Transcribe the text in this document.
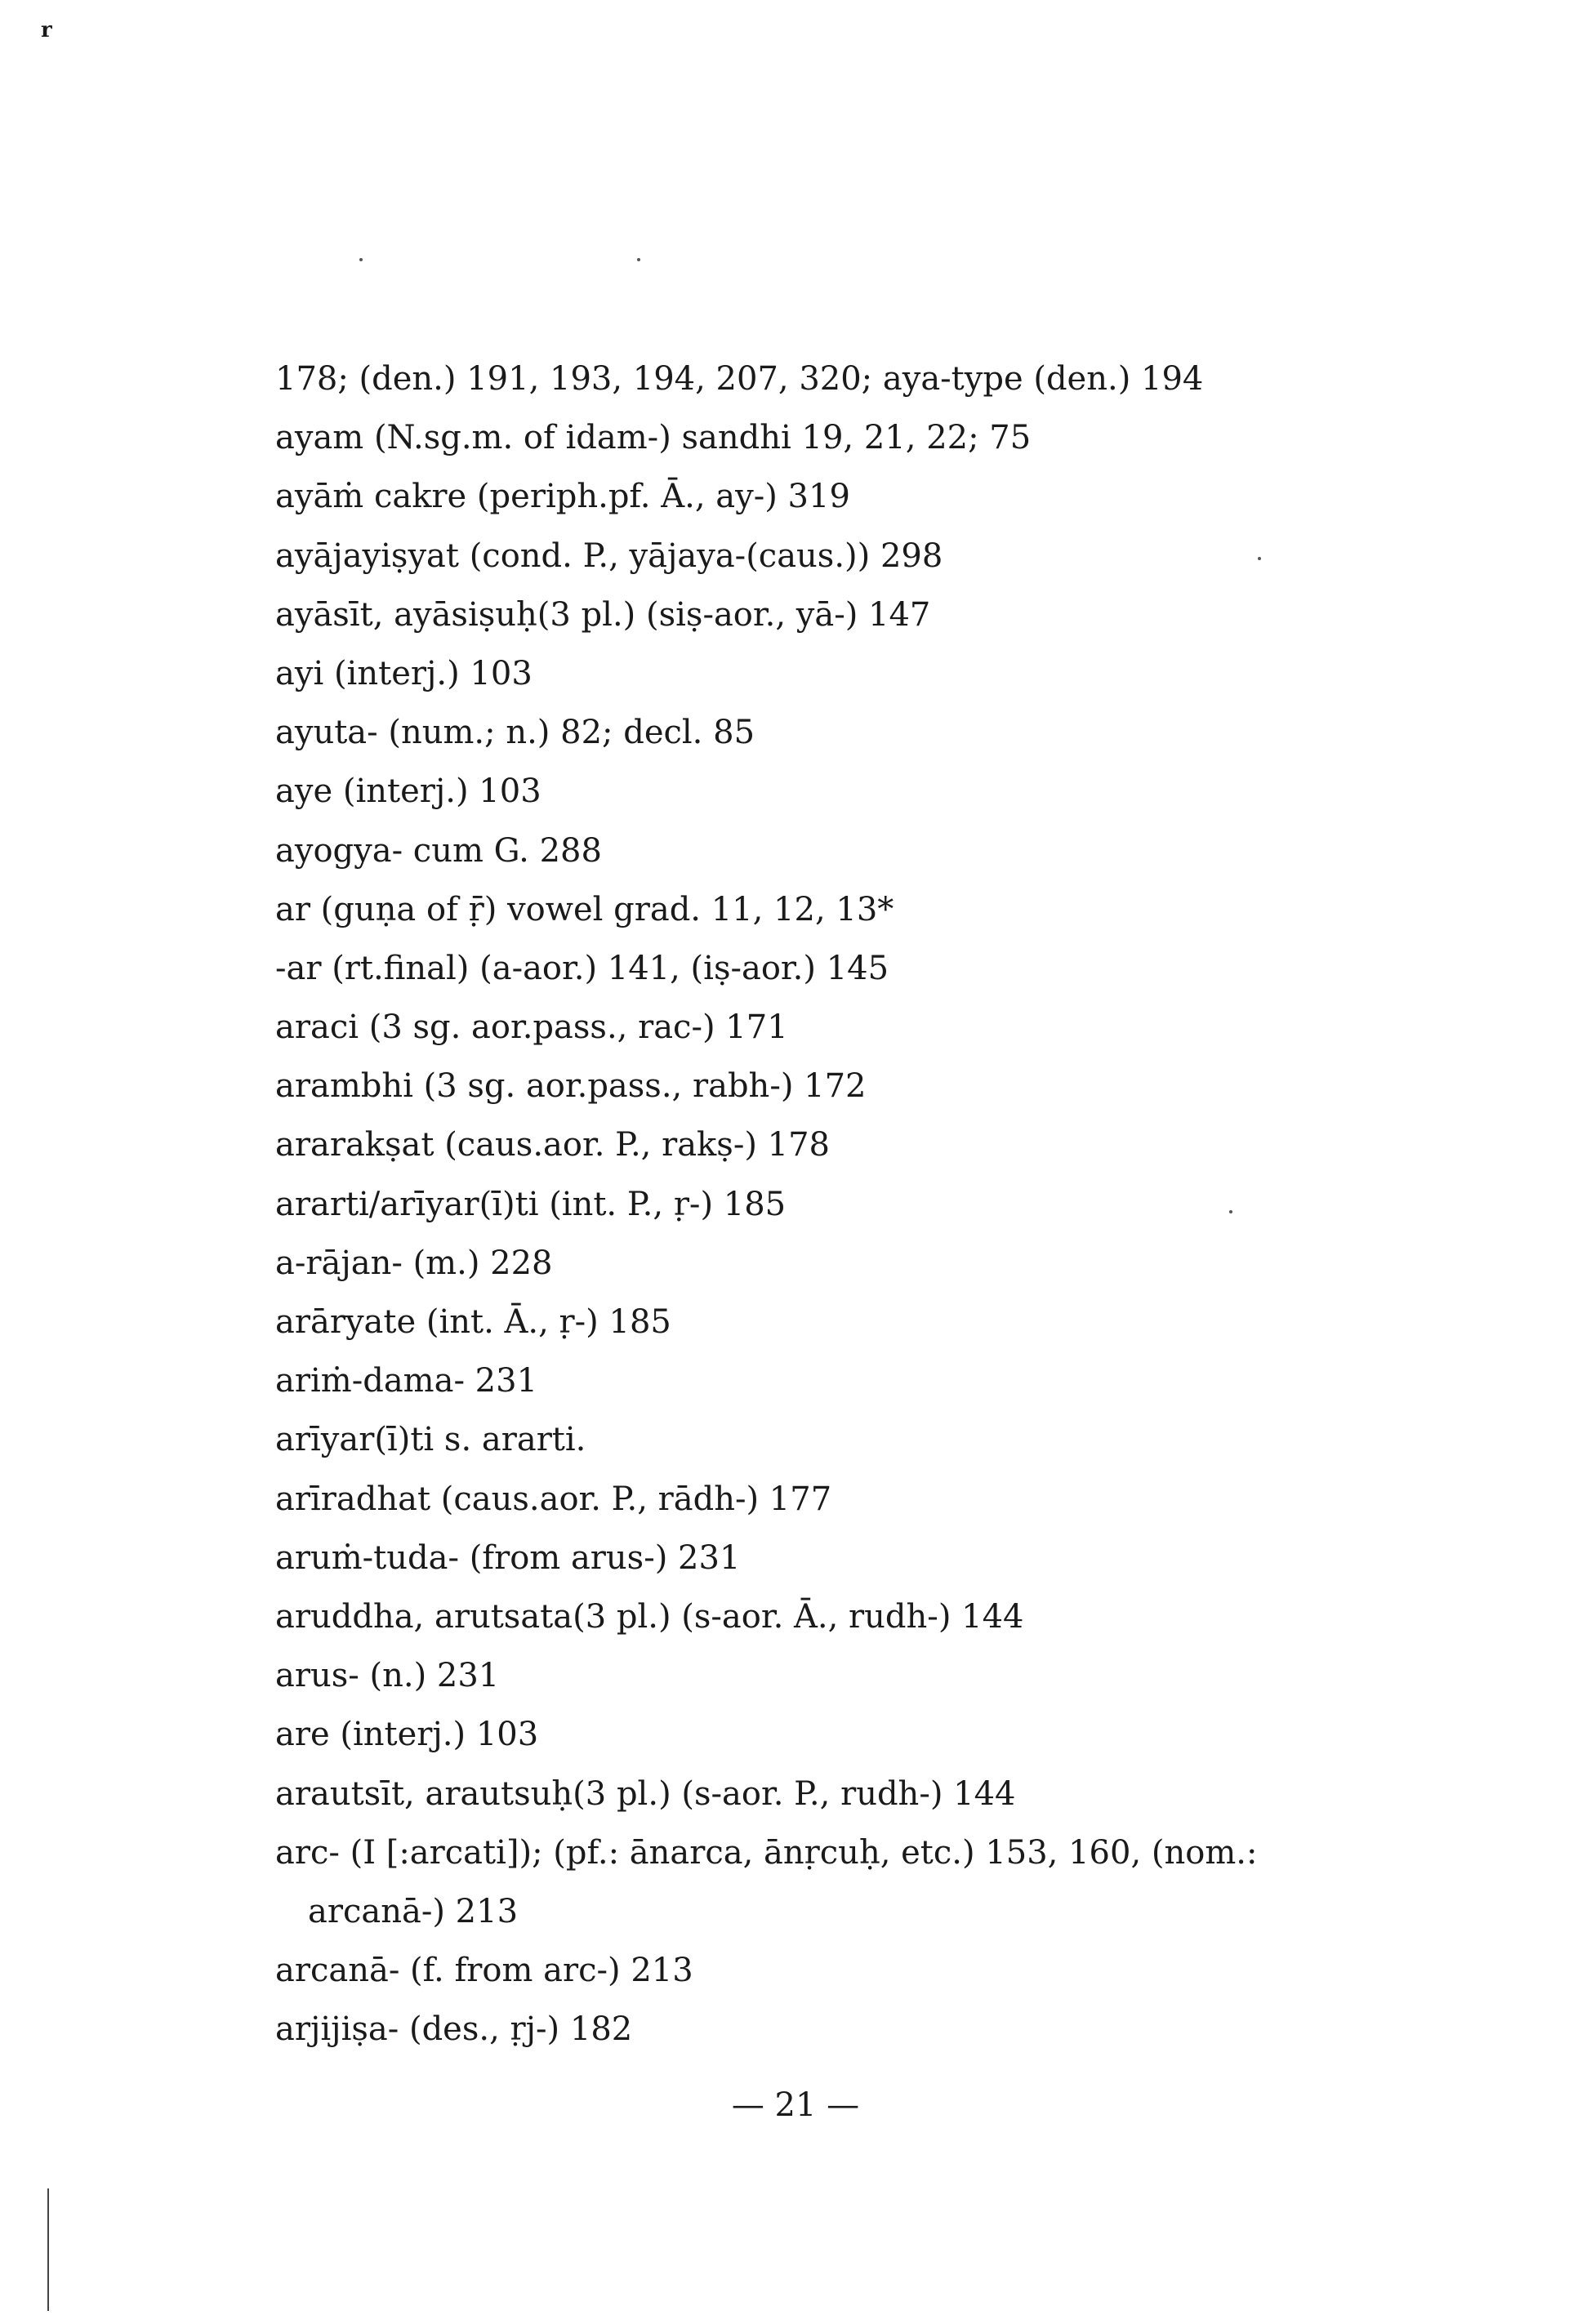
r
178; (den.) 191, 193, 194, 207, 320; aya-type (den.) 194
ayam (N.sg.m. of idam-) sandhi 19, 21, 22; 75
ayāṁ cakre (periph.pf. Ā., ay-) 319
ayājayiṣyat (cond. P., yājaya-(caus.)) 298
ayāsīt, ayāsiṣuḥ(3 pl.) (siṣ-aor., yā-) 147
ayi (interj.) 103
ayuta- (num.; n.) 82; decl. 85
aye (interj.) 103
ayogya- cum G. 288
ar (guṇa of ṝ) vowel grad. 11, 12, 13*
-ar (rt.final) (a-aor.) 141, (iṣ-aor.) 145
araci (3 sg. aor.pass., rac-) 171
arambhi (3 sg. aor.pass., rabh-) 172
ararakṣat (caus.aor. P., rakṣ-) 178
ararti/arīyar(ī)ti (int. P., ṛ-) 185
a-rājan- (m.) 228
arāryate (int. Ā., ṛ-) 185
ariṁ-dama- 231
arīyar(ī)ti s. ararti.
arīradhat (caus.aor. P., rādh-) 177
aruṁ-tuda- (from arus-) 231
aruddha, arutsata(3 pl.) (s-aor. Ā., rudh-) 144
arus- (n.) 231
are (interj.) 103
arautsīt, arautsuḥ(3 pl.) (s-aor. P., rudh-) 144
arc- (I [:arcati]); (pf.: ānarca, ānṛcuḥ, etc.) 153, 160, (nom.:
arcanā-) 213
arcanā- (f. from arc-) 213
arjijiṣa- (des., ṛj-) 182
— 21 —
